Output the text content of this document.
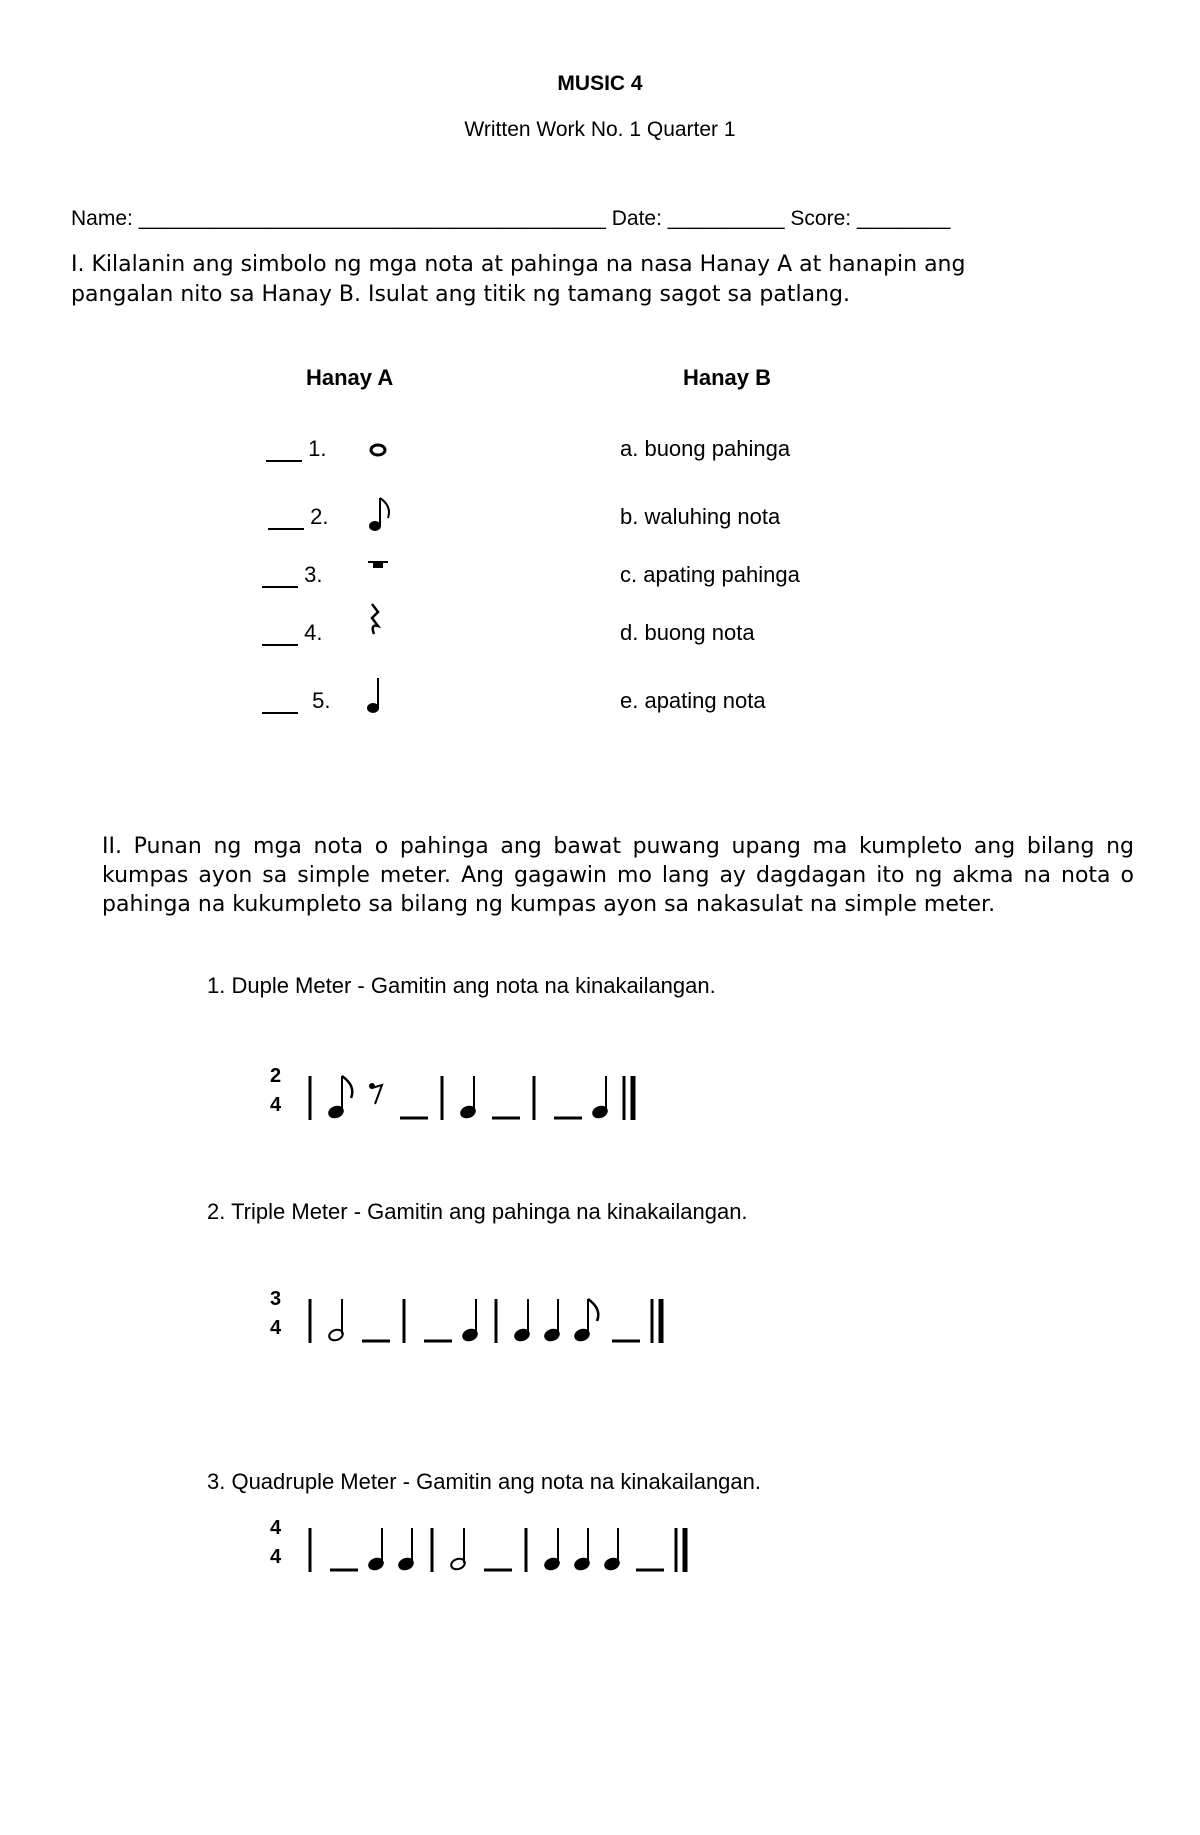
MUSIC 4
Written Work No. 1 Quarter 1
Name: ________________________________________ Date: __________ Score: ________
I. Kilalanin ang simbolo ng mga nota at pahinga na nasa Hanay A at hanapin ang pangalan nito sa Hanay B. Isulat ang titik ng tamang sagot sa patlang.
Hanay A	Hanay B
1.	a. buong pahinga
2.	b. waluhing nota
3.	c. apating pahinga
4.	d. buong nota
5.	e. apating nota
II. Punan ng mga nota o pahinga ang bawat puwang upang ma kumpleto ang bilang ng kumpas ayon sa simple meter. Ang gagawin mo lang ay dagdagan ito ng akma na nota o pahinga na kukumpleto sa bilang ng kumpas ayon sa nakasulat na simple meter.
1. Duple Meter - Gamitin ang nota na kinakailangan.
2
4
2. Triple Meter - Gamitin ang pahinga na kinakailangan.
3
4
3. Quadruple Meter - Gamitin ang nota na kinakailangan.
4
4
